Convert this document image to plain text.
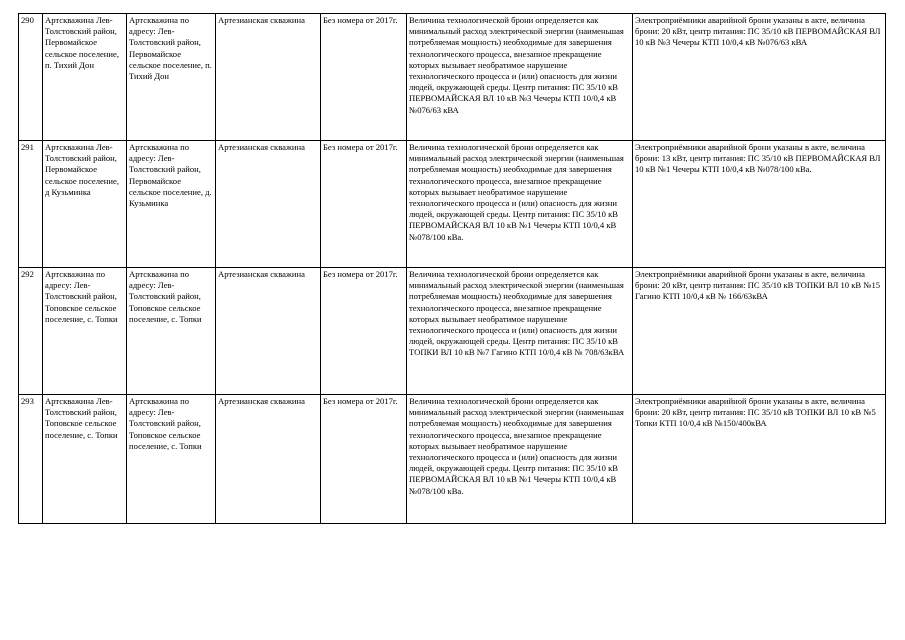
290	Артскважина Лев-Толстовский район, Первомайское сельское поселение, п. Тихий Дон	Артскважина по адресу: Лев-Толстовский район, Первомайское сельское поселение, п. Тихий Дон	Артезианская скважина	Без номера от 2017г.	Величина технологической брони определяется как минимальный расход электрической энергии (наименьшая потребляемая мощность) необходимые для завершения технологического процесса, внезапное прекращение которых вызывает необратимое нарушение технологического процесса и (или) опасность для жизни людей, окружающей среды. Центр питания: ПС 35/10 кВ ПЕРВОМАЙСКАЯ ВЛ 10 кВ №3 Чечеры КТП 10/0,4 кВ №076/63 кВА	Электроприёмники аварийной брони указаны в акте, величина брони: 20 кВт, центр питания: ПС 35/10 кВ ПЕРВОМАЙСКАЯ ВЛ 10 кВ №3 Чечеры КТП 10/0,4 кВ №076/63 кВА
291	Артскважина Лев-Толстовский район, Первомайское сельское поселение, д Кузьминка	Артскважина по адресу: Лев-Толстовский район, Первомайское сельское поселение, д. Кузьминка	Артезианская скважина	Без номера от 2017г.	Величина технологической брони определяется как минимальный расход электрической энергии (наименьшая потребляемая мощность) необходимые для завершения технологического процесса, внезапное прекращение которых вызывает необратимое нарушение технологического процесса и (или) опасность для жизни людей, окружающей среды. Центр питания: ПС 35/10 кВ ПЕРВОМАЙСКАЯ ВЛ 10 кВ №1 Чечеры КТП 10/0,4 кВ №078/100 кВа.	Электроприёмники аварийной брони указаны в акте, величина брони: 13 кВт, центр питания: ПС 35/10 кВ ПЕРВОМАЙСКАЯ ВЛ 10 кВ №1 Чечеры КТП 10/0,4 кВ №078/100 кВа.
292	Артскважина по адресу: Лев-Толстовский район, Топовское сельское поселение, с. Топки	Артскважина по адресу: Лев-Толстовский район, Топовское сельское поселение, с. Топки	Артезианская скважина	Без номера от 2017г.	Величина технологической брони определяется как минимальный расход электрической энергии (наименьшая потребляемая мощность) необходимые для завершения технологического процесса, внезапное прекращение которых вызывает необратимое нарушение технологического процесса и (или) опасность для жизни людей, окружающей среды. Центр питания: ПС 35/10 кВ ТОПКИ ВЛ 10 кВ №7 Гагино КТП 10/0,4 кВ № 708/63кВА	Электроприёмники аварийной брони указаны в акте, величина брони: 20 кВт, центр питания: ПС 35/10 кВ ТОПКИ ВЛ 10 кВ №15 Гагино КТП 10/0,4 кВ № 166/63кВА
293	Артскважина Лев-Толстовский район, Топовское сельское поселение, с. Топки	Артскважина по адресу: Лев-Толстовский район, Топовское сельское поселение, с. Топки	Артезианская скважина	Без номера от 2017г.	Величина технологической брони определяется как минимальный расход электрической энергии (наименьшая потребляемая мощность) необходимые для завершения технологического процесса, внезапное прекращение которых вызывает необратимое нарушение технологического процесса и (или) опасность для жизни людей, окружающей среды. Центр питания: ПС 35/10 кВ ПЕРВОМАЙСКАЯ ВЛ 10 кВ №1 Чечеры КТП 10/0,4 кВ №078/100 кВа.	Электроприёмники аварийной брони указаны в акте, величина брони: 20 кВт, центр питания: ПС 35/10 кВ ТОПКИ ВЛ 10 кВ №5 Топки КТП 10/0,4 кВ №150/400кВА
